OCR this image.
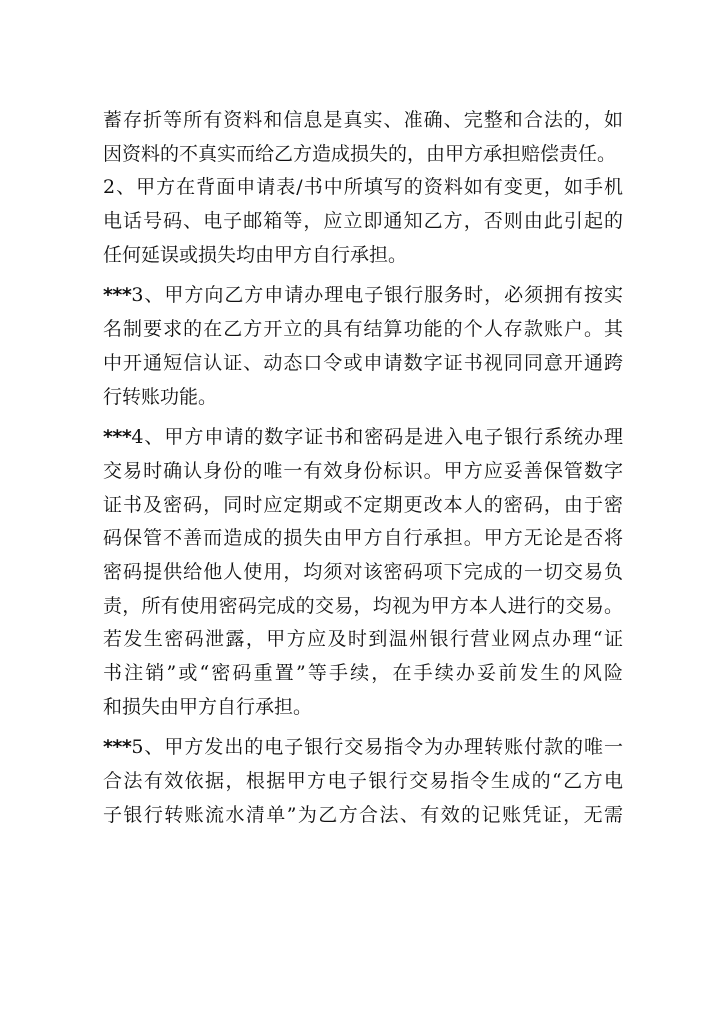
蓄存折等所有资料和信息是真实、准确、完整和合法的，如
因资料的不真实而给乙方造成损失的，由甲方承担赔偿责任。
2、甲方在背面申请表/书中所填写的资料如有变更，如手机
电话号码、电子邮箱等，应立即通知乙方，否则由此引起的
任何延误或损失均由甲方自行承担。
***3、甲方向乙方申请办理电子银行服务时，必须拥有按实
名制要求的在乙方开立的具有结算功能的个人存款账户。其
中开通短信认证、动态口令或申请数字证书视同同意开通跨
行转账功能。
***4、甲方申请的数字证书和密码是进入电子银行系统办理
交易时确认身份的唯一有效身份标识。甲方应妥善保管数字
证书及密码，同时应定期或不定期更改本人的密码，由于密
码保管不善而造成的损失由甲方自行承担。甲方无论是否将
密码提供给他人使用，均须对该密码项下完成的一切交易负
责，所有使用密码完成的交易，均视为甲方本人进行的交易。
若发生密码泄露，甲方应及时到温州银行营业网点办理“证
书注销”或“密码重置”等手续，在手续办妥前发生的风险
和损失由甲方自行承担。
***5、甲方发出的电子银行交易指令为办理转账付款的唯一
合法有效依据，根据甲方电子银行交易指令生成的“乙方电
子银行转账流水清单”为乙方合法、有效的记账凭证，无需
